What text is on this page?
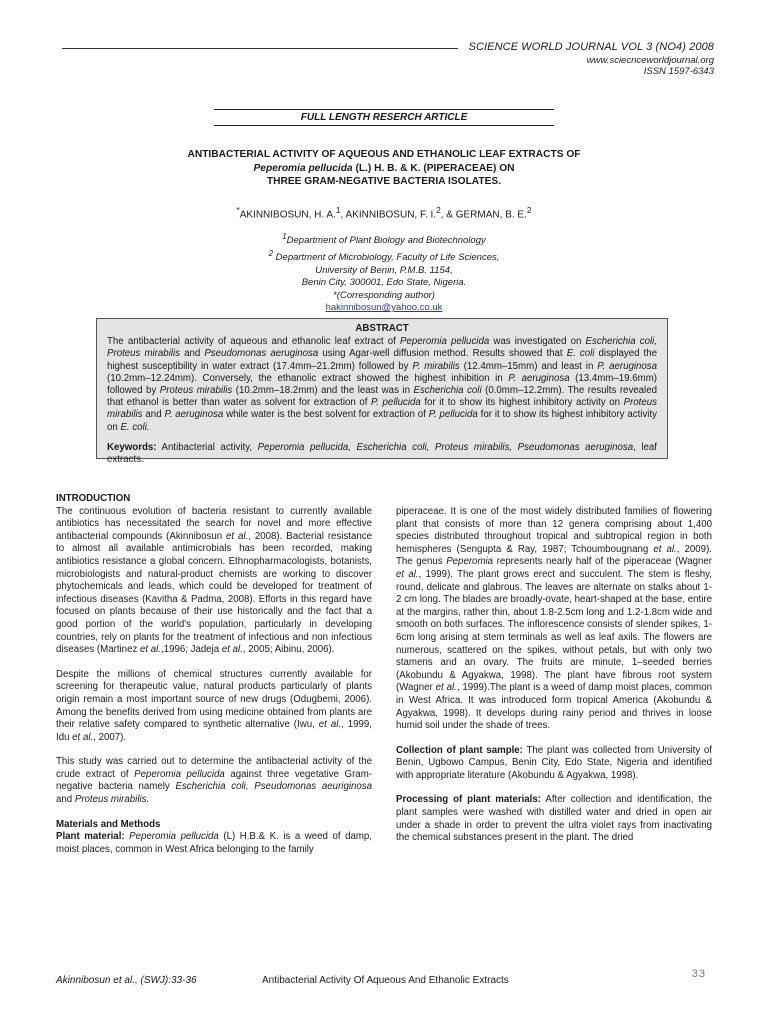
SCIENCE WORLD JOURNAL VOL 3 (NO4) 2008
www.sciecnceworldjournal.org
ISSN 1597-6343
FULL LENGTH RESERCH ARTICLE
ANTIBACTERIAL ACTIVITY OF AQUEOUS AND ETHANOLIC LEAF EXTRACTS OF
Peperomia pellucida (L.) H. B. & K. (PIPERACEAE) ON
THREE GRAM-NEGATIVE BACTERIA ISOLATES.
*AKINNIBOSUN, H. A.$^1$, AKINNIBOSUN, F. I.$^2$, & GERMAN, B. E.$^2$
$^1$Department of Plant Biology and Biotechnology
$^2$ Department of Microbiology, Faculty of Life Sciences,
University of Benin, P.M.B. 1154,
Benin City, 300001, Edo State, Nigeria.
*(Corresponding author)
hakinnibosun@yahoo.co.uk
ABSTRACT
The antibacterial activity of aqueous and ethanolic leaf extract of Peperomia pellucida was investigated on Escherichia coli, Proteus mirabilis and Pseudomonas aeruginosa using Agar-well diffusion method. Results showed that E. coli displayed the highest susceptibility in water extract (17.4mm–21.2mm) followed by P. mirabilis (12.4mm–15mm) and least in P. aeruginosa (10.2mm–12.24mm). Conversely, the ethanolic extract showed the highest inhibition in P. aeruginosa (13.4mm–19.6mm) followed by Proteus mirabilis (10.2mm–18.2mm) and the least was in Escherichia coli (0.0mm–12.2mm). The results revealed that ethanol is better than water as solvent for extraction of P. pellucida for it to show its highest inhibitory activity on Proteus mirabilis and P. aeruginosa while water is the best solvent for extraction of P. pellucida for it to show its highest inhibitory activity on E. coli.
Keywords: Antibacterial activity, Peperomia pellucida, Escherichia coli, Proteus mirabilis, Pseudomonas aeruginosa, leaf extracts.
INTRODUCTION

The continuous evolution of bacteria resistant to currently available antibiotics has necessitated the search for novel and more effective antibacterial compounds (Akinnibosun et al., 2008). Bacterial resistance to almost all available antimicrobials has been recorded, making antibiotics resistance a global concern. Ethnopharmacologists, botanists, microbiologists and natural-product chemists are working to discover phytochemicals and leads, which could be developed for treatment of infectious diseases (Kavitha & Padma, 2008). Efforts in this regard have focused on plants because of their use historically and the fact that a good portion of the world's population, particularly in developing countries, rely on plants for the treatment of infectious and non infectious diseases (Martinez et al.,1996; Jadeja et al., 2005; Aibinu, 2006).

Despite the millions of chemical structures currently available for screening for therapeutic value, natural products particularly of plants origin remain a most important source of new drugs (Odugbemi, 2006). Among the benefits derived from using medicine obtained from plants are their relative safety compared to synthetic alternative (Iwu, et al., 1999, Idu et al., 2007).

This study was carried out to determine the antibacterial activity of the crude extract of Peperomia pellucida against three vegetative Gram-negative bacteria namely Escherichia coli, Pseudomonas aeuriginosa and Proteus mirabilis.

Materials and Methods
Plant material: Peperomia pellucida (L) H.B.& K. is a weed of damp, moist places, common in West Africa belonging to the family

piperaceae. It is one of the most widely distributed families of flowering plant that consists of more than 12 genera comprising about 1,400 species distributed throughout tropical and subtropical region in both hemispheres (Sengupta & Ray, 1987; Tchoumbougnang et al., 2009). The genus Peperomia represents nearly half of the piperaceae (Wagner et al., 1999). The plant grows erect and succulent. The stem is fleshy, round, delicate and glabrous. The leaves are alternate on stalks about 1-2 cm long. The blades are broadly-ovate, heart-shaped at the base, entire at the margins, rather thin, about 1.8-2.5cm long and 1.2-1.8cm wide and smooth on both surfaces. The inflorescence consists of slender spikes, 1-6cm long arising at stem terminals as well as leaf axils. The flowers are numerous, scattered on the spikes, without petals, but with only two stamens and an ovary. The fruits are minute, 1–seeded berries (Akobundu & Agyakwa, 1998). The plant have fibrous root system (Wagner et al., 1999).The plant is a weed of damp moist places, common in West Africa. It was introduced form tropical America (Akobundu & Agyakwa, 1998). It develops during rainy period and thrives in loose humid soil under the shade of trees.

Collection of plant sample: The plant was collected from University of Benin, Ugbowo Campus, Benin City, Edo State, Nigeria and identified with appropriate literature (Akobundu & Agyakwa, 1998).

Processing of plant materials: After collection and identification, the plant samples were washed with distilled water and dried in open air under a shade in order to prevent the ultra violet rays from inactivating the chemical substances present in the plant. The dried
Akinnibosun et al., (SWJ):33-36	Antibacterial Activity Of Aqueous And Ethanolic Extracts
33
